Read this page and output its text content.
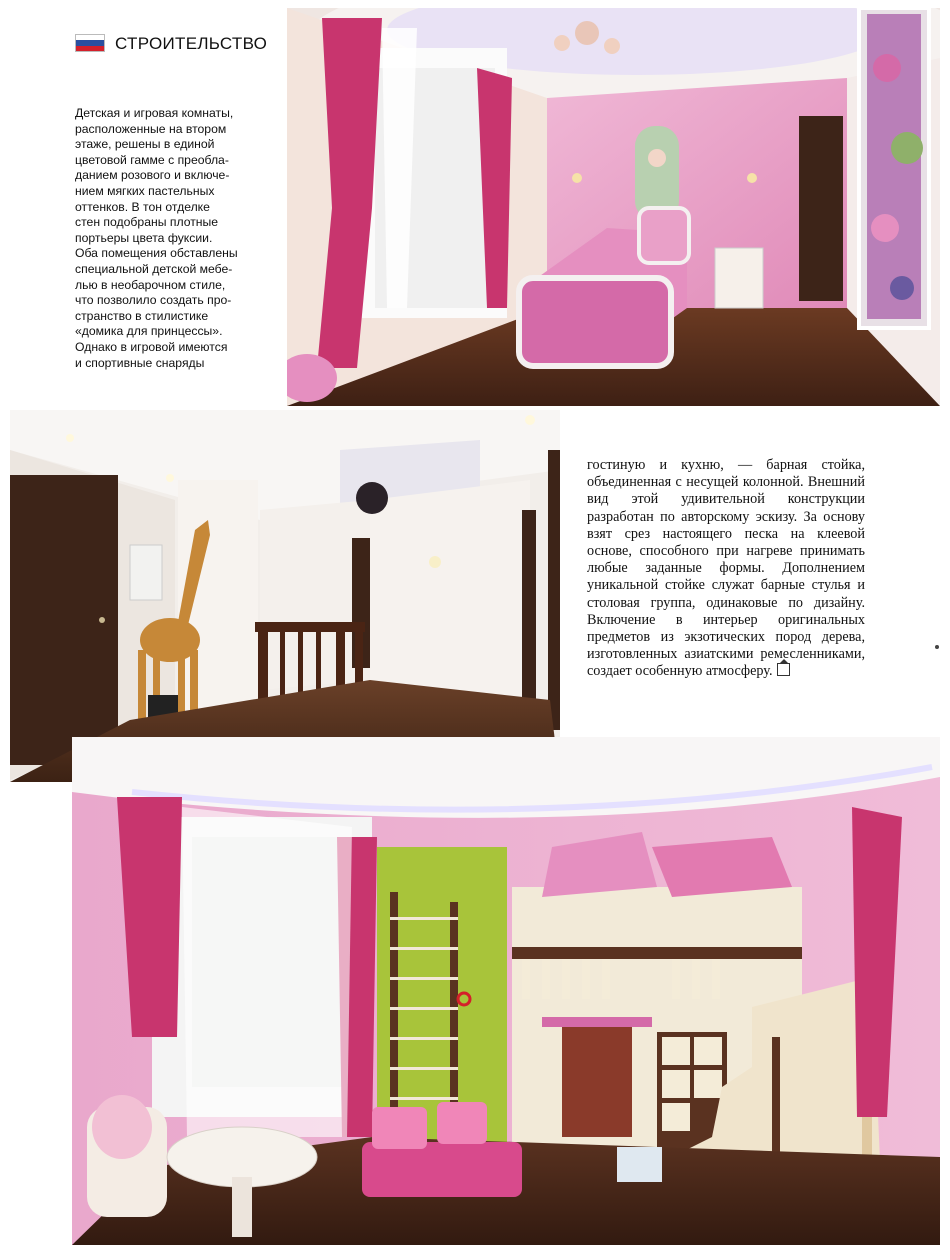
СТРОИТЕЛЬСТВО
Детская и игровая комнаты,
расположенные на втором
этаже, решены в единой
цветовой гамме с преобла-
данием розового и включе-
нием мягких пастельных
оттенков. В тон отделке
стен подобраны плотные
портьеры цвета фуксии.
Оба помещения обставлены
специальной детской мебе-
лью в необарочном стиле,
что позволило создать про-
странство в стилистике
«домика для принцессы».
Однако в игровой имеются
и спортивные снаряды
гостиную и кухню, — барная стойка, объединенная с несущей колонной. Внешний вид этой удивительной конструкции разработан по авторскому эскизу. За основу взят срез настоящего песка на клеевой основе, способного при нагреве принимать любые заданные формы. Дополнением уникальной стойке служат барные стулья и столовая группа, одинаковые по дизайну. Включение в интерьер оригинальных предметов из экзотических пород дерева, изготовленных азиатскими ремесленниками, создает особенную атмосферу.
